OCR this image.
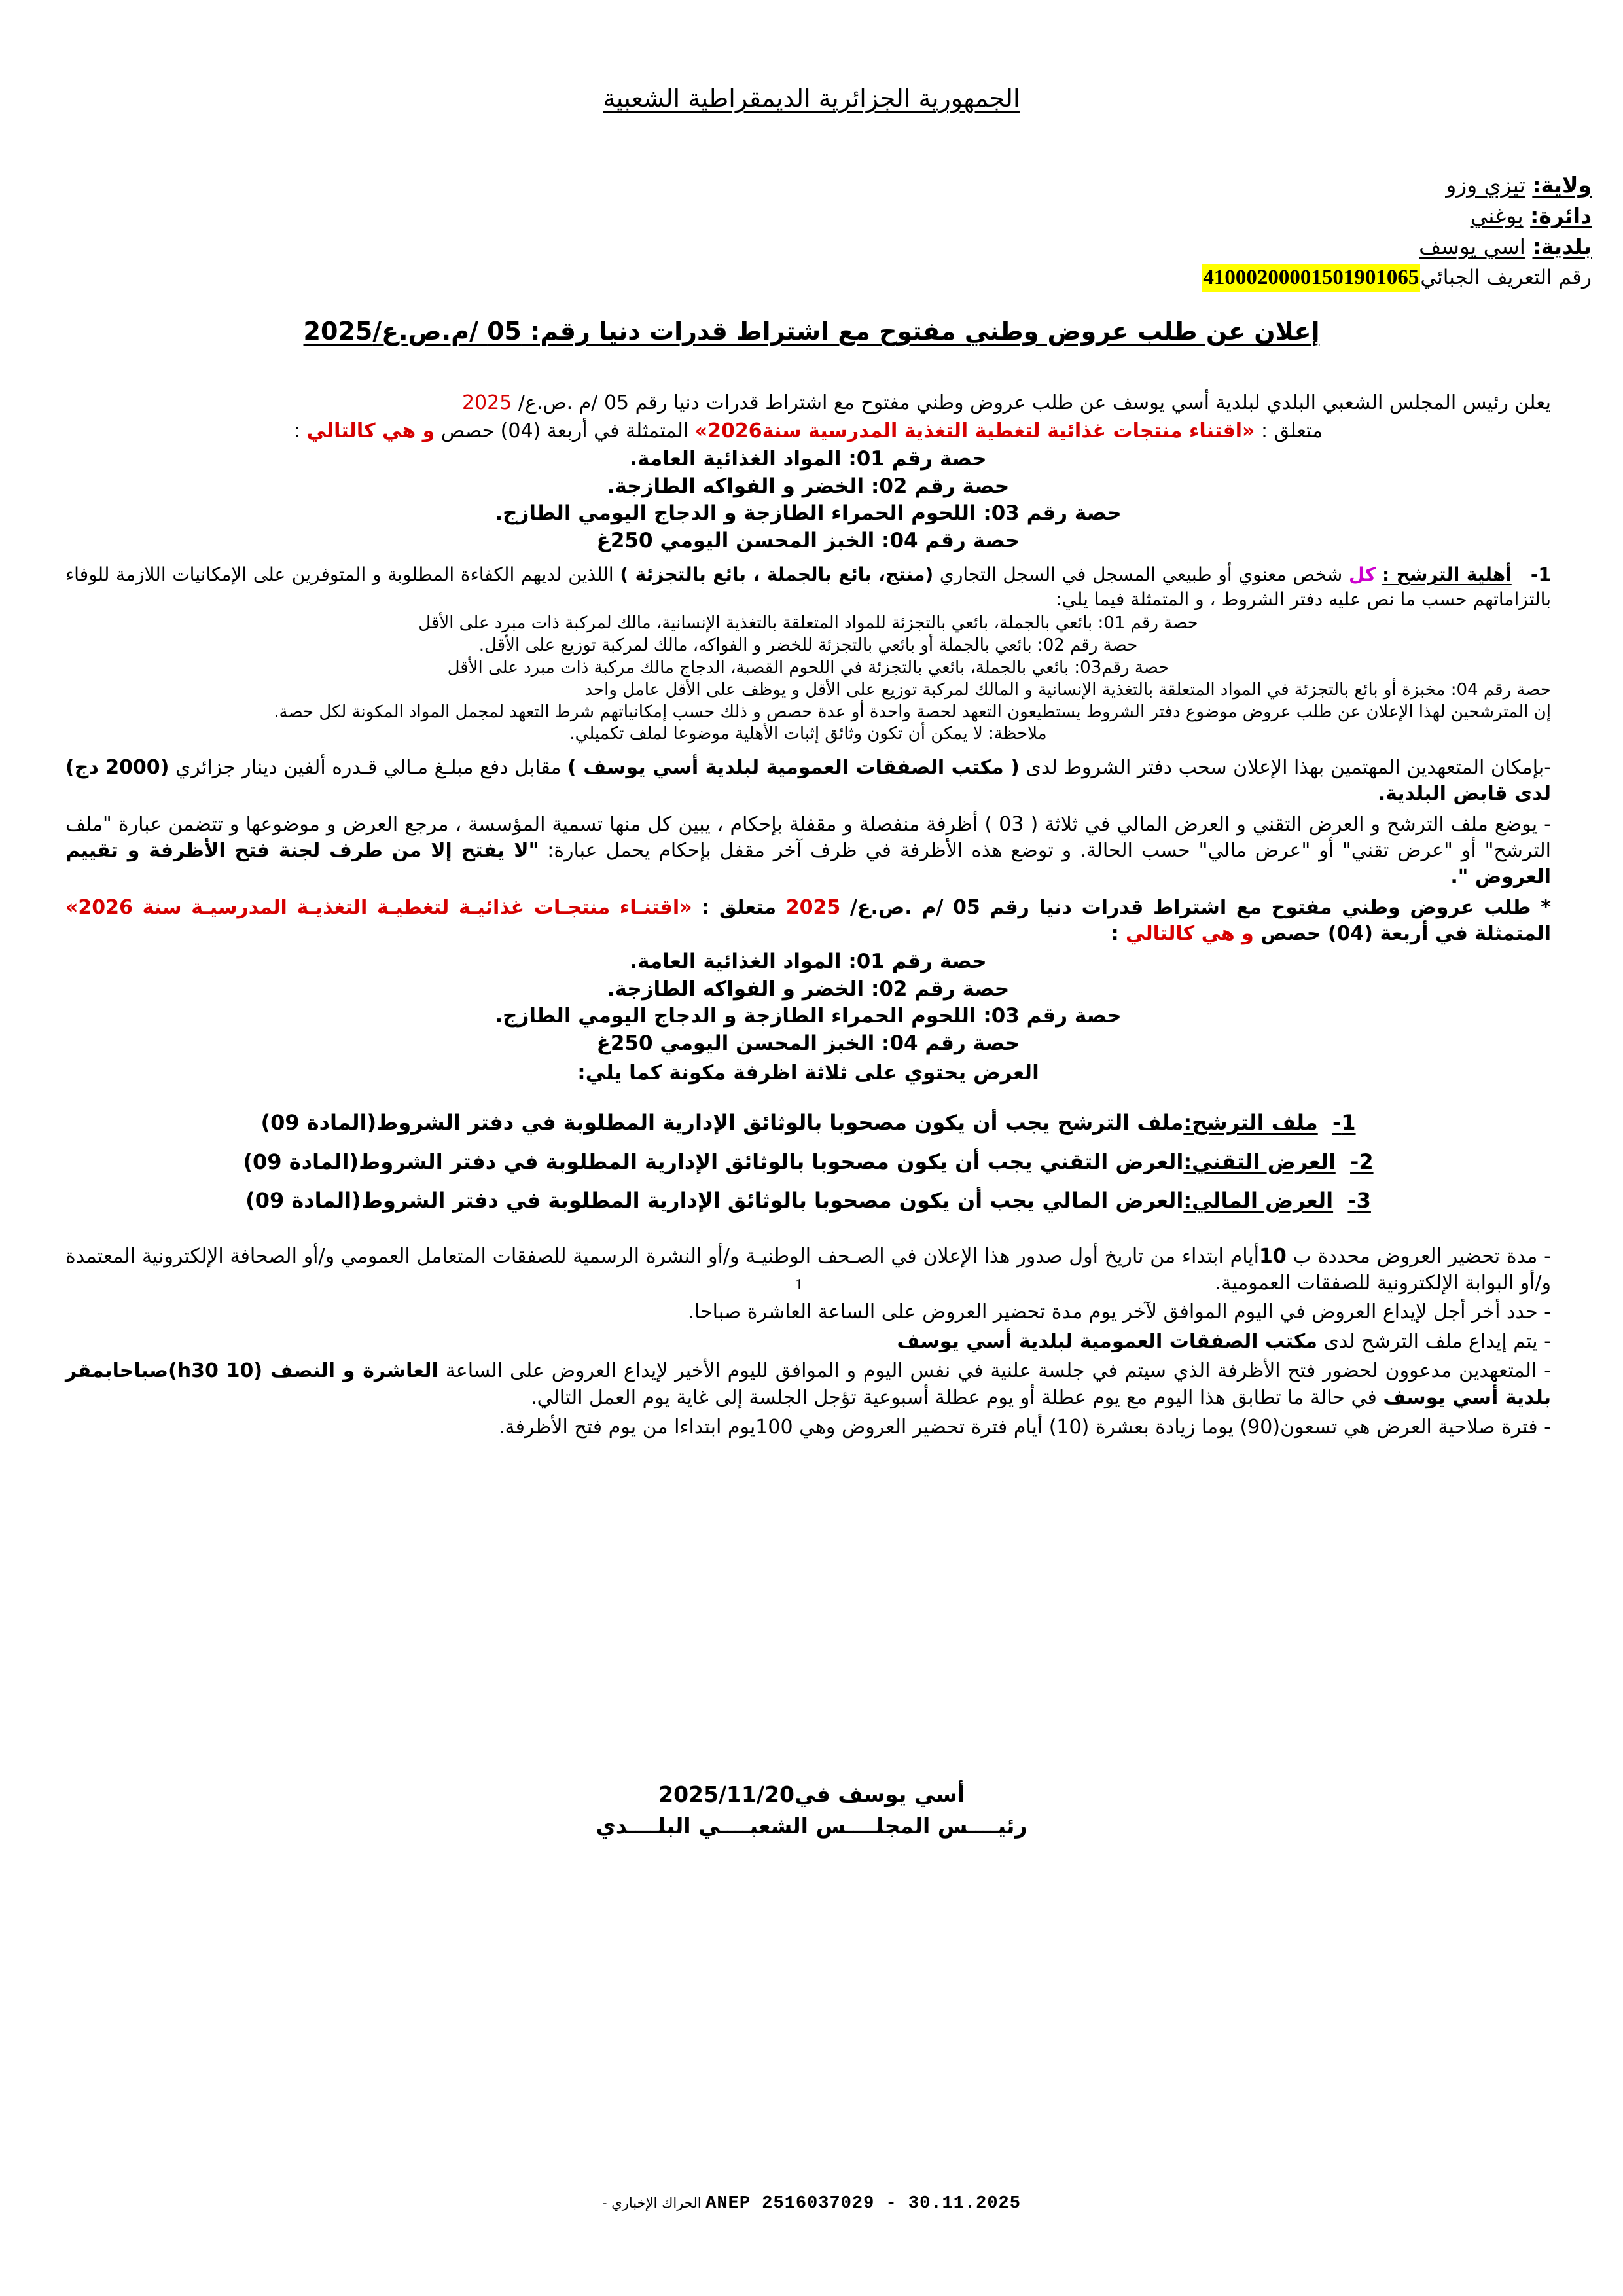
الجمهورية الجزائرية الديمقراطية الشعبية
ولاية: تيزي وزو
دائرة: بوغني
بلدية: اسي يوسف
رقم التعريف الجبائي41000200001501901065
إعلان عن طلب عروض وطني مفتوح مع اشتراط قدرات دنيا رقم: 05 /م.ص.ع/2025

يعلن رئيس المجلس الشعبي البلدي لبلدية أسي يوسف عن طلب عروض وطني مفتوح مع اشتراط قدرات دنيا رقم 05 /م .ص.ع/ 2025

متعلق : «اقتناء منتجات غذائية لتغطية التغذية المدرسية سنة2026» المتمثلة في أربعة (04) حصص و هي كالتالي :

حصة رقم 01: المواد الغذائية العامة.

حصة رقم 02: الخضر و الفواكه الطازجة.

حصة رقم 03: اللحوم الحمراء الطازجة و الدجاج اليومي الطازج.

حصة رقم 04: الخبز المحسن اليومي 250غ

1-   أهلية الترشح : كل شخص معنوي أو طبيعي المسجل في السجل التجاري (منتج، بائع بالجملة ، بائع بالتجزئة ) اللذين لديهم الكفاءة المطلوبة و المتوفرين على الإمكانيات اللازمة للوفاء بالتزاماتهم حسب ما نص عليه دفتر الشروط ، و المتمثلة فيما يلي:

حصة رقم 01: بائعي بالجملة، بائعي بالتجزئة للمواد المتعلقة بالتغذية الإنسانية، مالك لمركبة ذات مبرد على الأقل

حصة رقم 02: بائعي بالجملة أو بائعي بالتجزئة للخضر و الفواكه، مالك لمركبة توزيع على الأقل.

حصة رقم03: بائعي بالجملة، بائعي بالتجزئة في اللحوم القصبة، الدجاج مالك مركبة ذات مبرد على الأقل

حصة رقم 04: مخبزة أو بائع بالتجزئة في المواد المتعلقة بالتغذية الإنسانية و المالك لمركبة توزيع على الأقل و يوظف على الأقل عامل واحد

إن المترشحين لهذا الإعلان عن طلب عروض موضوع دفتر الشروط يستطيعون التعهد لحصة واحدة أو عدة حصص و ذلك حسب إمكانياتهم شرط التعهد لمجمل المواد المكونة لكل حصة.

ملاحظة: لا يمكن أن تكون وثائق إثبات الأهلية موضوعا لملف تكميلي.

-بإمكان المتعهدين المهتمين بهذا الإعلان سحب دفتر الشروط لدى ( مكتب الصفقات العمومية لبلدية أسي يوسف ) مقابل دفع مبلـغ مـالي قـدره ألفين دينار جزائري (2000 دج) لدى قابض البلدية.

- يوضع ملف الترشح و العرض التقني و العرض المالي في ثلاثة ( 03 ) أظرفة منفصلة و مقفلة بإحكام ، يبين كل منها تسمية المؤسسة ، مرجع العرض و موضوعها و تتضمن عبارة "ملف الترشح" أو "عرض تقني" أو "عرض مالي" حسب الحالة. و توضع هذه الأظرفة في ظرف آخر مقفل بإحكام يحمل عبارة: "لا يفتح إلا من طرف لجنة فتح الأظرفة و تقييم العروض ".

* طلب عروض وطني مفتوح مع اشتراط قدرات دنيا رقم 05 /م .ص.ع/ 2025 متعلق : «اقتنـاء منتجـات غذائيـة لتغطيـة التغذيـة المدرسيـة سنة 2026» المتمثلة في أربعة (04) حصص و هي كالتالي :

حصة رقم 01: المواد الغذائية العامة.

حصة رقم 02: الخضر و الفواكه الطازجة.

حصة رقم 03: اللحوم الحمراء الطازجة و الدجاج اليومي الطازج.

حصة رقم 04: الخبز المحسن اليومي 250غ

العرض يحتوي على ثلاثة اظرفة مكونة كما يلي:

1-  ملف الترشح:ملف الترشح يجب أن يكون مصحوبا بالوثائق الإدارية المطلوبة في دفتر الشروط(المادة 09)
2-  العرض التقني:العرض التقني يجب أن يكون مصحوبا بالوثائق الإدارية المطلوبة في دفتر الشروط(المادة 09)
3-  العرض المالي:العرض المالي يجب أن يكون مصحوبا بالوثائق الإدارية المطلوبة في دفتر الشروط(المادة 09)

- مدة تحضير العروض محددة ب 10أيام ابتداء من تاريخ أول صدور هذا الإعلان في الصـحف الوطنيـة و/أو النشرة الرسمية للصفقات المتعامل العمومي و/أو الصحافة الإلكترونية المعتمدة و/أو البوابة الإلكترونية للصفقات العمومية.

- حدد أخر أجل لإيداع العروض في اليوم الموافق لآخر يوم مدة تحضير العروض على الساعة العاشرة صباحا.

- يتم إيداع ملف الترشح لدى مكتب الصفقات العمومية لبلدية أسي يوسف

- المتعهدين مدعوون لحضور فتح الأظرفة الذي سيتم في جلسة علنية في نفس اليوم و الموافق لليوم الأخير لإيداع العروض على الساعة العاشرة و النصف (10 h30)صباحابمقر بلدية أسي يوسف في حالة ما تطابق هذا اليوم مع يوم عطلة أو يوم عطلة أسبوعية تؤجل الجلسة إلى غاية يوم العمل التالي.

- فترة صلاحية العرض هي تسعون(90) يوما زيادة بعشرة (10) أيام فترة تحضير العروض وهي 100يوم ابتداءا من يوم فتح الأظرفة.

1
أسي يوسف في2025/11/20
رئيــــس المجلــــس الشعبــــي البلــــدي
ANEP 2516037029 - 30.11.2025 الحراك الإخباري -
